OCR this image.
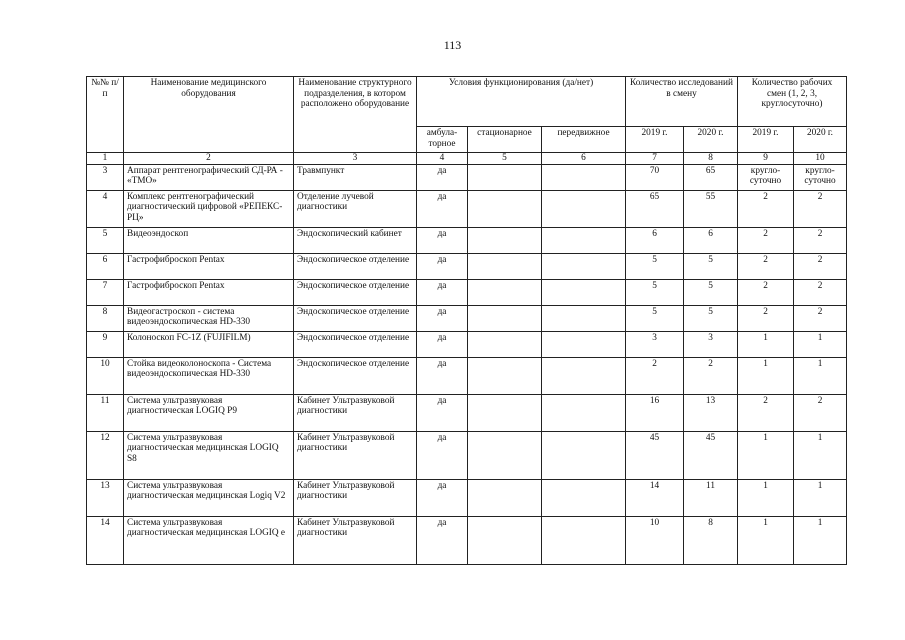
113
№№ п/п	Наименование медицинского оборудования	Наименование структурного подразделения, в котором расположено оборудование	Условия функционирования (да/нет)			Количество исследований в смену		Количество рабочих смен (1, 2, 3, круглосуточно)	
			амбула-торное	стационарное	передвижное	2019 г.	2020 г.	2019 г.	2020 г.
1	2	3	4	5	6	7	8	9	10
3	Аппарат рентгенографический СД-РА - «ТМО»	Травмпункт	да			70	65	кругло-суточно	кругло-суточно
4	Комплекс рентгенографический диагностический цифровой «РЕПЕКС-РЦ»	Отделение лучевой диагностики	да			65	55	2	2
5	Видеоэндоскоп	Эндоскопический кабинет	да			6	6	2	2
6	Гастрофиброскоп Pentax	Эндоскопическое отделение	да			5	5	2	2
7	Гастрофиброскоп Pentax	Эндоскопическое отделение	да			5	5	2	2
8	Видеогастроскоп - система видеоэндоскопическая HD-330	Эндоскопическое отделение	да			5	5	2	2
9	Колоноскоп FC-1Z (FUJIFILM)	Эндоскопическое отделение	да			3	3	1	1
10	Стойка видеоколоноскопа - Система видеоэндоскопическая HD-330	Эндоскопическое отделение	да			2	2	1	1
11	Система ультразвуковая диагностическая LOGIQ P9	Кабинет Ультразвуковой диагностики	да			16	13	2	2
12	Система ультразвуковая диагностическая медицинская LOGIQ S8	Кабинет Ультразвуковой диагностики	да			45	45	1	1
13	Система ультразвуковая диагностическая медицинская Logiq V2	Кабинет Ультразвуковой диагностики	да			14	11	1	1
14	Система ультразвуковая диагностическая медицинская LOGIQ e	Кабинет Ультразвуковой диагностики	да			10	8	1	1
